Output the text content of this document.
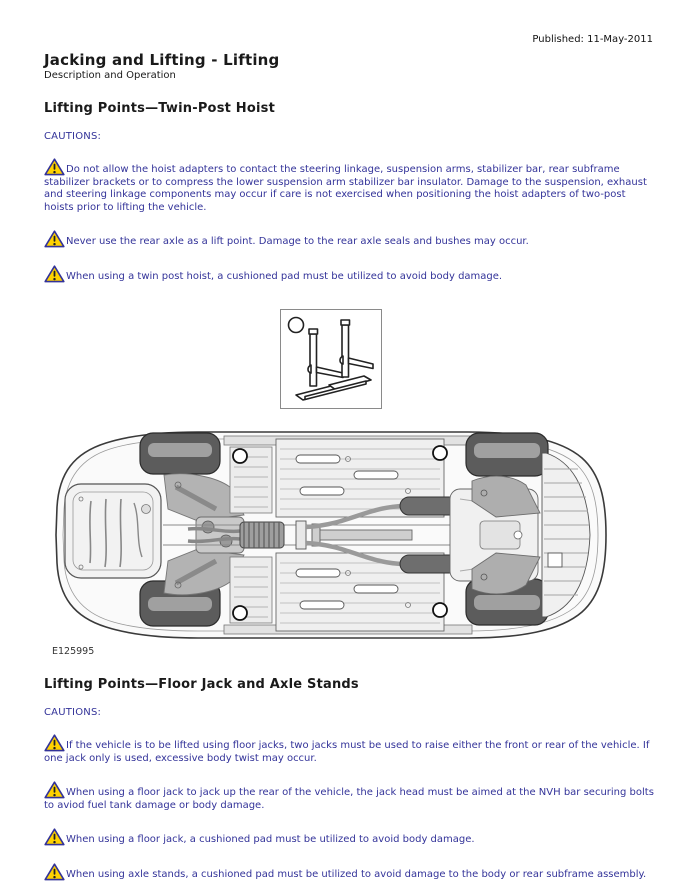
Published: 11-May-2011
Jacking and Lifting - Lifting
Description and Operation
Lifting Points—Twin-Post Hoist
CAUTIONS:

Do not allow the hoist adapters to contact the steering linkage, suspension arms, stabilizer bar, rear subframe stabilizer brackets or to compress the lower suspension arm stabilizer bar insulator. Damage to the suspension, exhaust and steering linkage components may occur if care is not exercised when positioning the hoist adapters of two-post hoists prior to lifting the vehicle.

Never use the rear axle as a lift point. Damage to the rear axle seals and bushes may occur.

When using a twin post hoist, a cushioned pad must be utilized to avoid body damage.

E125995
Lifting Points—Floor Jack and Axle Stands
CAUTIONS:

If the vehicle is to be lifted using floor jacks, two jacks must be used to raise either the front or rear of the vehicle. If one jack only is used, excessive body twist may occur.

When using a floor jack to jack up the rear of the vehicle, the jack head must be aimed at the NVH bar securing bolts to aviod fuel tank damage or body damage.

When using a floor jack, a cushioned pad must be utilized to avoid body damage.

When using axle stands, a cushioned pad must be utilized to avoid damage to the body or rear subframe assembly.
